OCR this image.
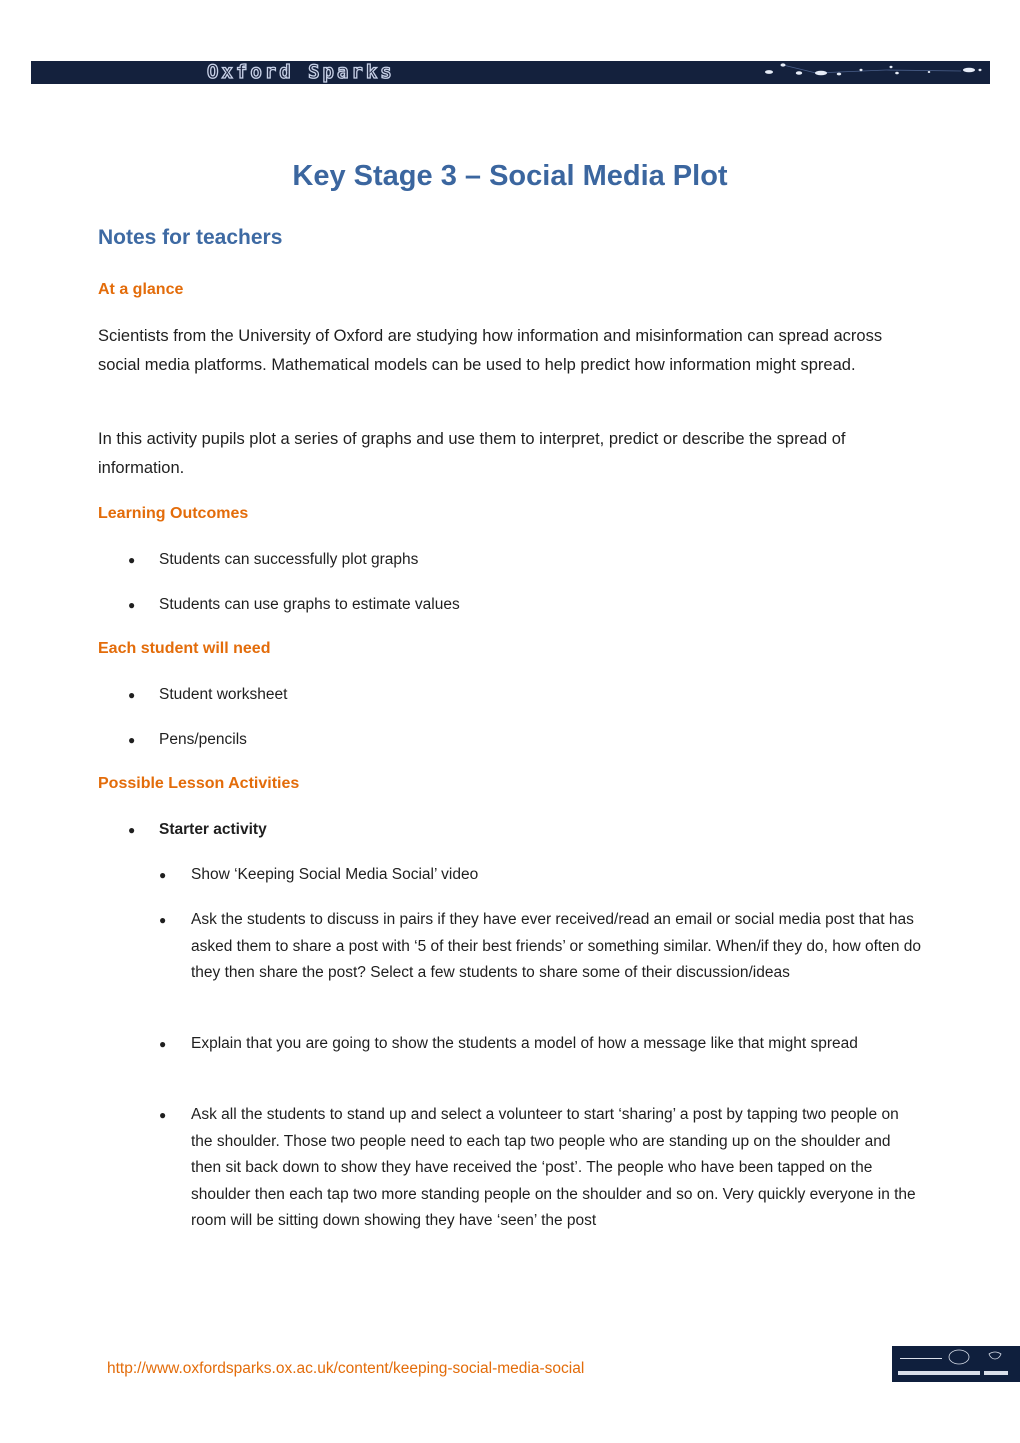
Oxford Sparks
Key Stage 3 – Social Media Plot
Notes for teachers
At a glance

Scientists from the University of Oxford are studying how information and misinformation can spread across social media platforms. Mathematical models can be used to help predict how information might spread.

In this activity pupils plot a series of graphs and use them to interpret, predict or describe the spread of information.

Learning Outcomes
● Students can successfully plot graphs
● Students can use graphs to estimate values
Each student will need
● Student worksheet
● Pens/pencils
Possible Lesson Activities
● Starter activity
● Show ‘Keeping Social Media Social’ video
● Ask the students to discuss in pairs if they have ever received/read an email or social media post that has asked them to share a post with ‘5 of their best friends’ or something similar. When/if they do, how often do they then share the post? Select a few students to share some of their discussion/ideas
● Explain that you are going to show the students a model of how a message like that might spread
● Ask all the students to stand up and select a volunteer to start ‘sharing’ a post by tapping two people on the shoulder. Those two people need to each tap two people who are standing up on the shoulder and then sit back down to show they have received the ‘post’. The people who have been tapped on the shoulder then each tap two more standing people on the shoulder and so on. Very quickly everyone in the room will be sitting down showing they have ‘seen’ the post
http://www.oxfordsparks.ox.ac.uk/content/keeping-social-media-social
